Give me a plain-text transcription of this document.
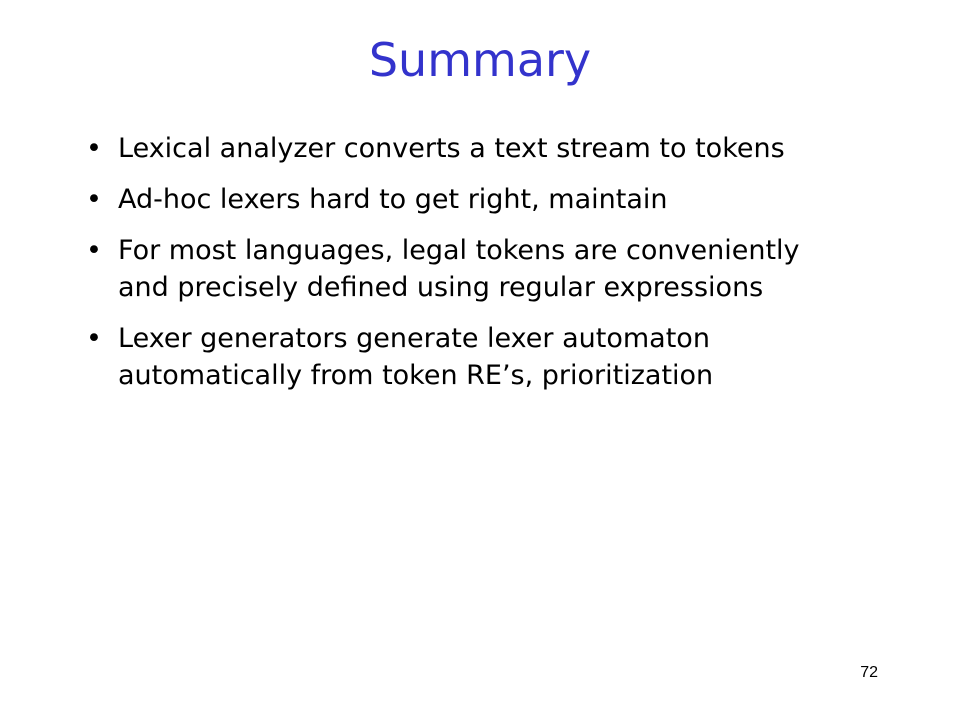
Summary
• Lexical analyzer converts a text stream to tokens
• Ad-hoc lexers hard to get right, maintain
• For most languages, legal tokens are conveniently and precisely defined using regular expressions
• Lexer generators generate lexer automaton automatically from token RE’s, prioritization
72
